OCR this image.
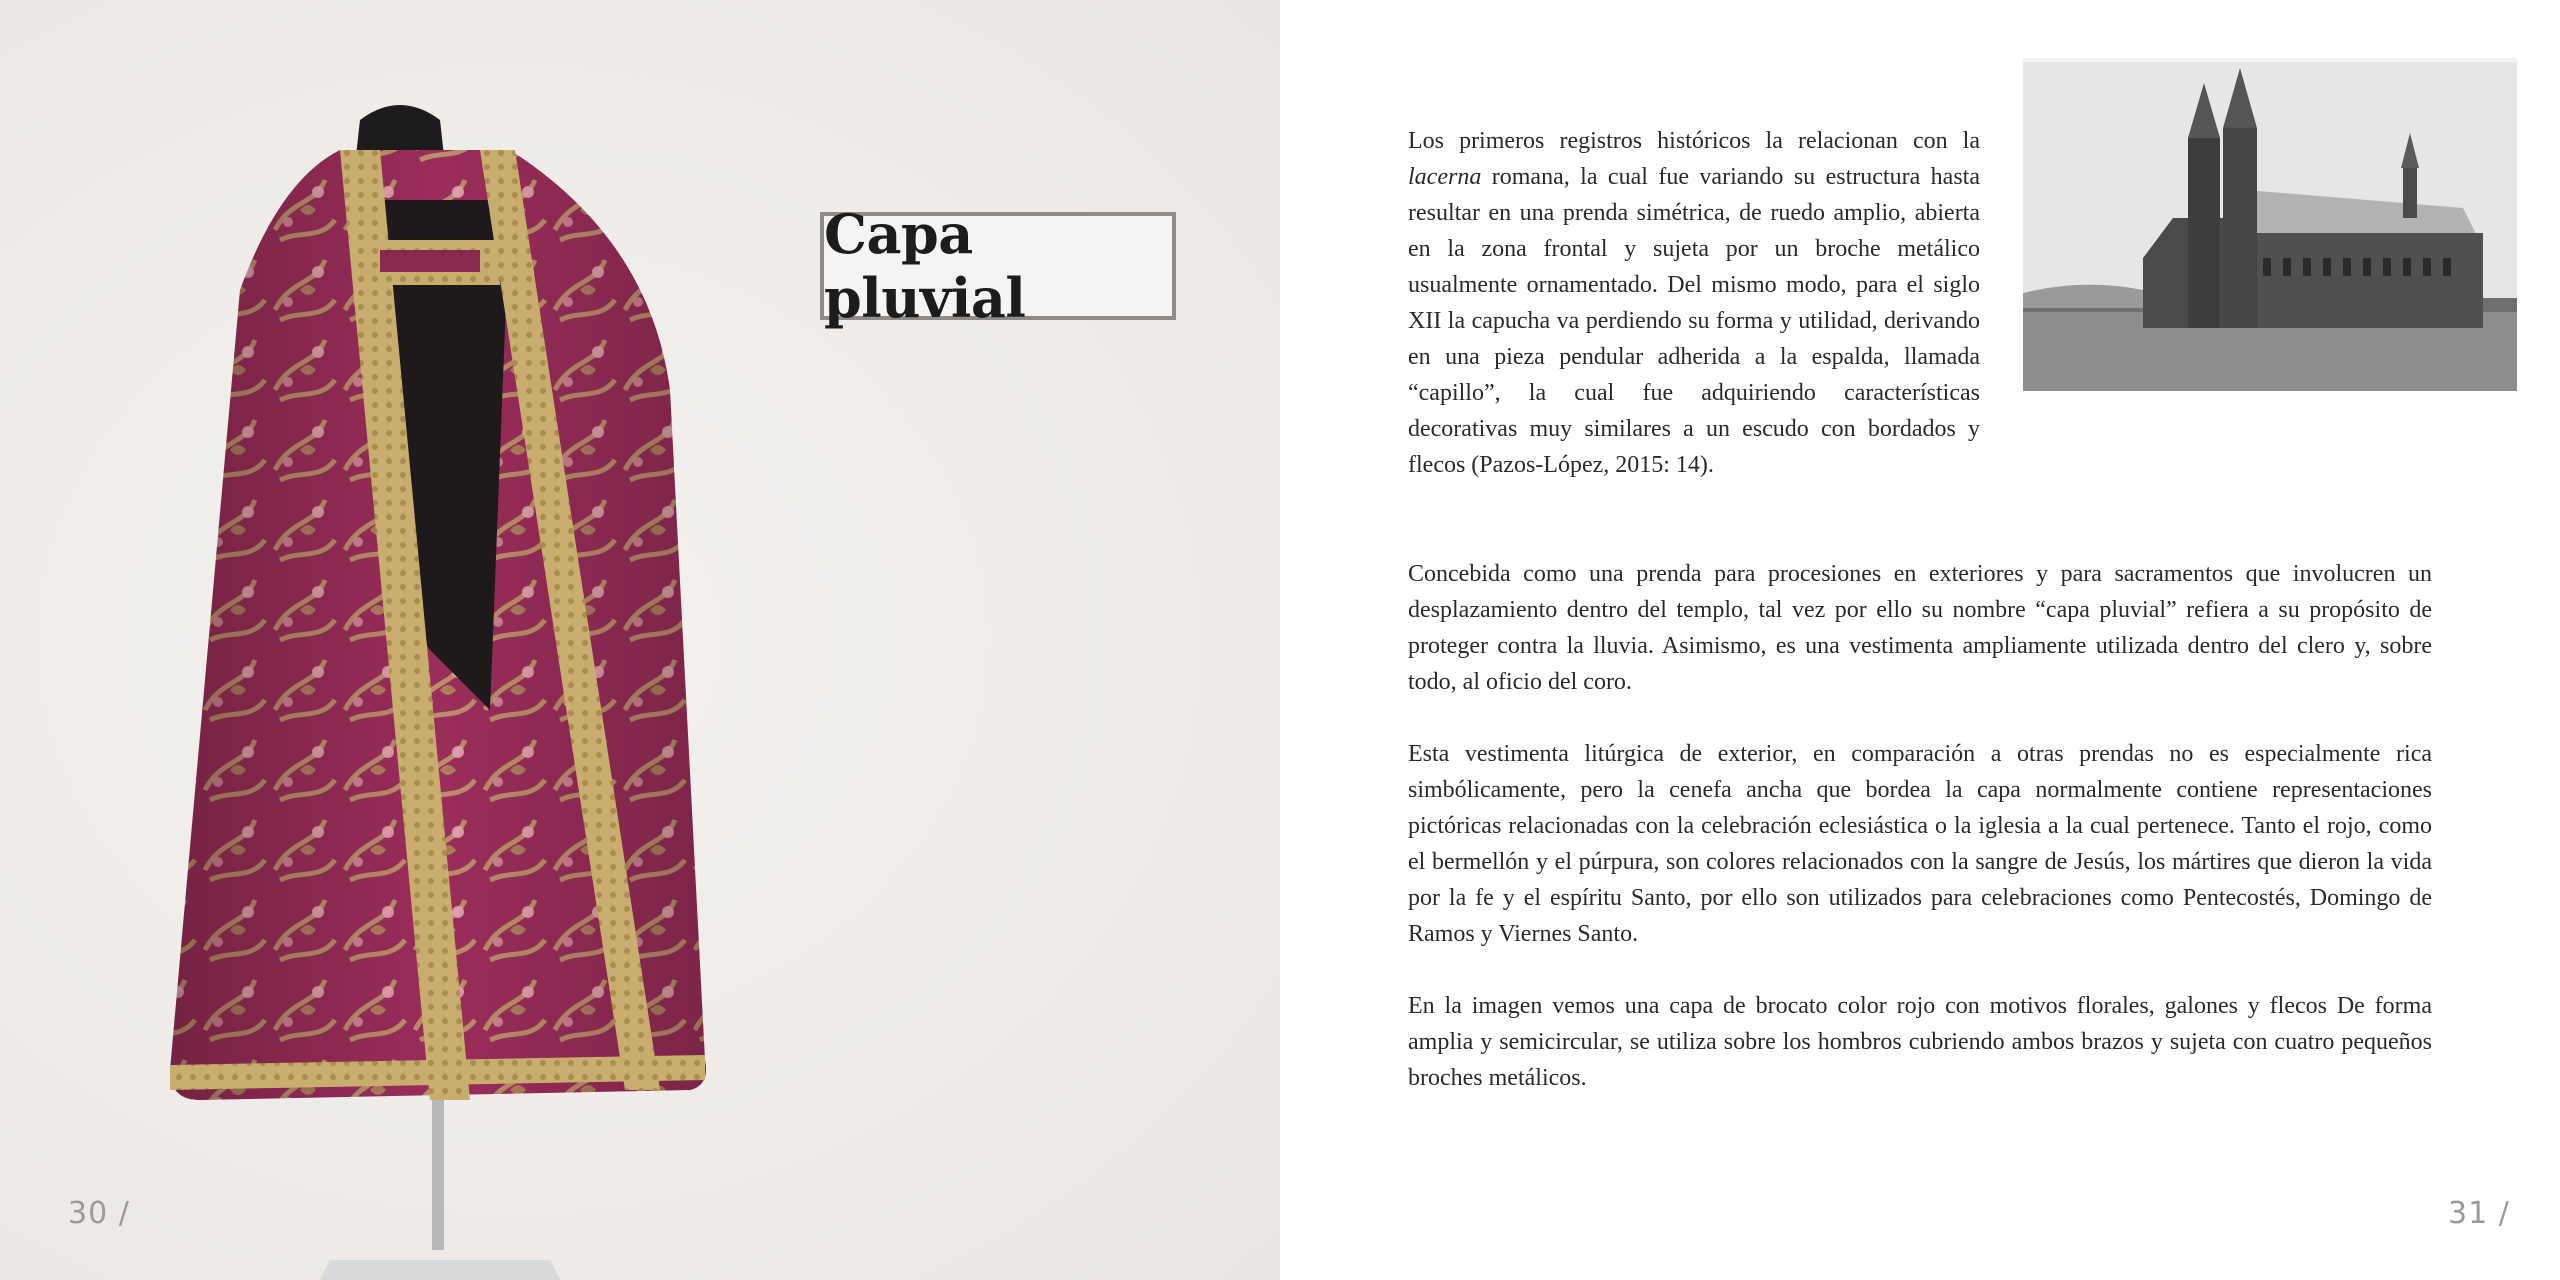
Capa pluvial
30 /

Los primeros registros históricos la relacionan con la lacerna romana, la cual fue variando su estructura hasta resultar en una prenda simétrica, de ruedo amplio, abierta en la zona frontal y sujeta por un broche metálico usualmente ornamentado. Del mismo modo, para el siglo XII la capucha va perdiendo su forma y utilidad, derivando en una pieza pendular adherida a la espalda, llamada “capillo”, la cual fue adquiriendo características decorativas muy similares a un escudo con bordados y flecos (Pazos-López, 2015: 14).

Concebida como una prenda para procesiones en exteriores y para sacramentos que involucren un desplazamiento dentro del templo, tal vez por ello su nombre “capa pluvial” refiera a su propósito de proteger contra la lluvia. Asimismo, es una vestimenta ampliamente utilizada dentro del clero y, sobre todo, al oficio del coro.

Esta vestimenta litúrgica de exterior, en comparación a otras prendas no es especialmente rica simbólicamente, pero la cenefa ancha que bordea la capa normalmente contiene representaciones pictóricas relacionadas con la celebración eclesiástica o la iglesia a la cual pertenece. Tanto el rojo, como el bermellón y el púrpura, son colores relacionados con la sangre de Jesús, los mártires que dieron la vida por la fe y el espíritu Santo, por ello son utilizados para celebraciones como Pentecostés, Domingo de Ramos y Viernes Santo.

En la imagen vemos una capa de brocato color rojo con motivos florales, galones y flecos De forma amplia y semicircular, se utiliza sobre los hombros cubriendo ambos brazos y sujeta con cuatro pequeños broches metálicos.

31 /
